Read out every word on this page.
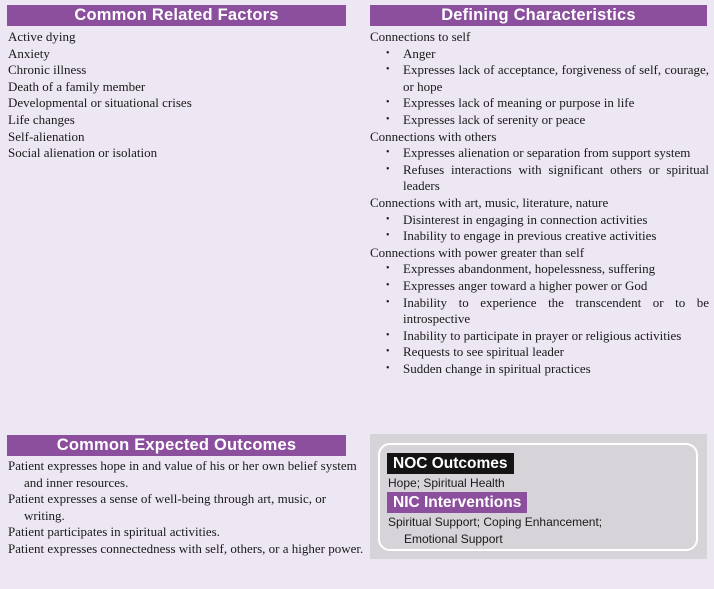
Common Related Factors
Active dying
Anxiety
Chronic illness
Death of a family member
Developmental or situational crises
Life changes
Self-alienation
Social alienation or isolation
Defining Characteristics
Connections to self
• Anger
• Expresses lack of acceptance, forgiveness of self, courage, or hope
• Expresses lack of meaning or purpose in life
• Expresses lack of serenity or peace
Connections with others
• Expresses alienation or separation from support system
• Refuses interactions with significant others or spiritual leaders
Connections with art, music, literature, nature
• Disinterest in engaging in connection activities
• Inability to engage in previous creative activities
Connections with power greater than self
• Expresses abandonment, hopelessness, suffering
• Expresses anger toward a higher power or God
• Inability to experience the transcendent or to be introspective
• Inability to participate in prayer or religious activities
• Requests to see spiritual leader
• Sudden change in spiritual practices
Common Expected Outcomes
Patient expresses hope in and value of his or her own belief system and inner resources.
Patient expresses a sense of well-being through art, music, or writing.
Patient participates in spiritual activities.
Patient expresses connectedness with self, others, or a higher power.
NOC Outcomes
Hope; Spiritual Health
NIC Interventions
Spiritual Support; Coping Enhancement;
Emotional Support
